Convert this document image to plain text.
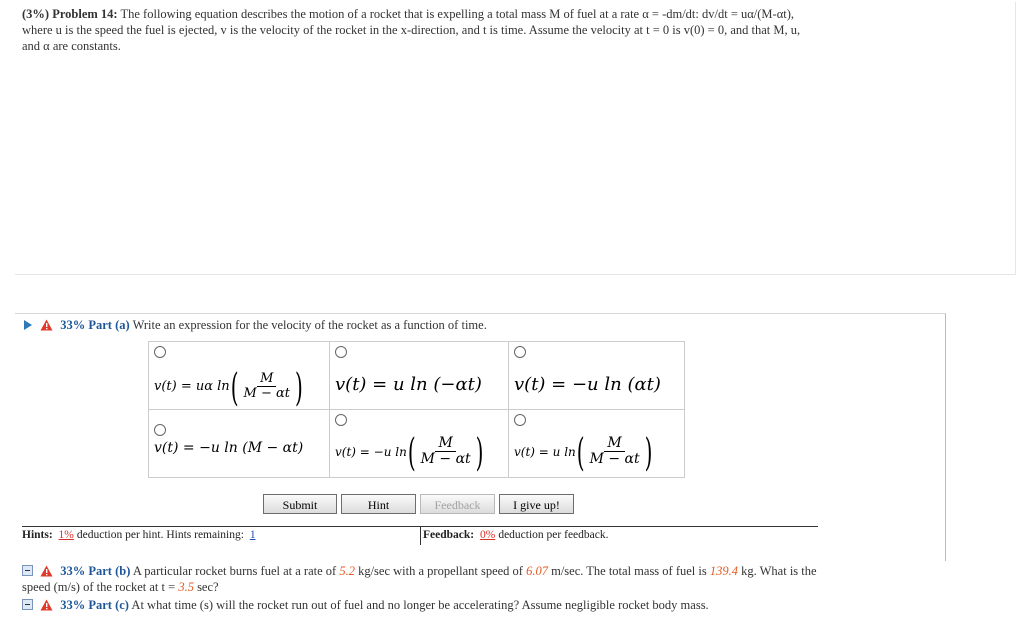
(3%) Problem 14: The following equation describes the motion of a rocket that is expelling a total mass M of fuel at a rate α = -dm/dt: dv/dt = uα/(M-αt),
where u is the speed the fuel is ejected, v is the velocity of the rocket in the x-direction, and t is time. Assume the velocity at t = 0 is v(0) = 0, and that M, u,
and α are constants.
33% Part (a) Write an expression for the velocity of the rocket as a function of time.
v(t) = uα ln ( $\frac{M}{M - \alpha t}$ )	v(t) = u ln (−αt)	v(t) = −u ln (αt)

v(t) = −u ln (M − αt)	v(t) = −u ln ( $\frac{M}{M - \alpha t}$ )	v(t) = u ln ( $\frac{M}{M - \alpha t}$ )
Submit	Hint	Feedback	I give up!
Hints: 1% deduction per hint. Hints remaining: 1	Feedback: 0% deduction per feedback.
33% Part (b) A particular rocket burns fuel at a rate of 5.2 kg/sec with a propellant speed of 6.07 m/sec. The total mass of fuel is 139.4 kg. What is the
speed (m/s) of the rocket at t = 3.5 sec?
33% Part (c) At what time (s) will the rocket run out of fuel and no longer be accelerating? Assume negligible rocket body mass.
